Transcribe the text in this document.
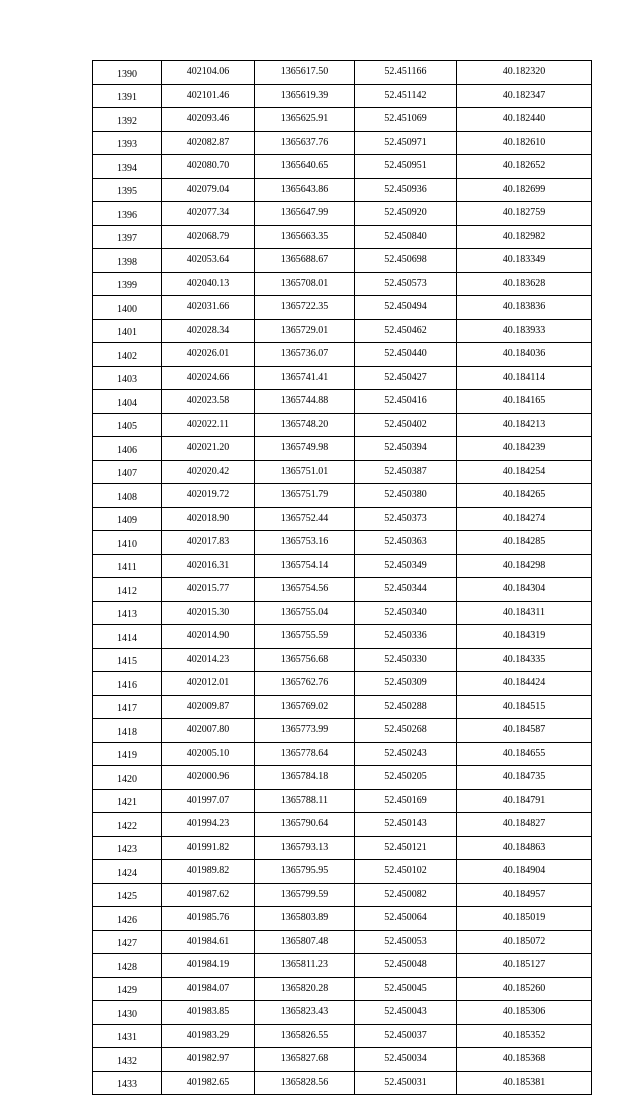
1390	402104.06	1365617.50	52.451166	40.182320
1391	402101.46	1365619.39	52.451142	40.182347
1392	402093.46	1365625.91	52.451069	40.182440
1393	402082.87	1365637.76	52.450971	40.182610
1394	402080.70	1365640.65	52.450951	40.182652
1395	402079.04	1365643.86	52.450936	40.182699
1396	402077.34	1365647.99	52.450920	40.182759
1397	402068.79	1365663.35	52.450840	40.182982
1398	402053.64	1365688.67	52.450698	40.183349
1399	402040.13	1365708.01	52.450573	40.183628
1400	402031.66	1365722.35	52.450494	40.183836
1401	402028.34	1365729.01	52.450462	40.183933
1402	402026.01	1365736.07	52.450440	40.184036
1403	402024.66	1365741.41	52.450427	40.184114
1404	402023.58	1365744.88	52.450416	40.184165
1405	402022.11	1365748.20	52.450402	40.184213
1406	402021.20	1365749.98	52.450394	40.184239
1407	402020.42	1365751.01	52.450387	40.184254
1408	402019.72	1365751.79	52.450380	40.184265
1409	402018.90	1365752.44	52.450373	40.184274
1410	402017.83	1365753.16	52.450363	40.184285
1411	402016.31	1365754.14	52.450349	40.184298
1412	402015.77	1365754.56	52.450344	40.184304
1413	402015.30	1365755.04	52.450340	40.184311
1414	402014.90	1365755.59	52.450336	40.184319
1415	402014.23	1365756.68	52.450330	40.184335
1416	402012.01	1365762.76	52.450309	40.184424
1417	402009.87	1365769.02	52.450288	40.184515
1418	402007.80	1365773.99	52.450268	40.184587
1419	402005.10	1365778.64	52.450243	40.184655
1420	402000.96	1365784.18	52.450205	40.184735
1421	401997.07	1365788.11	52.450169	40.184791
1422	401994.23	1365790.64	52.450143	40.184827
1423	401991.82	1365793.13	52.450121	40.184863
1424	401989.82	1365795.95	52.450102	40.184904
1425	401987.62	1365799.59	52.450082	40.184957
1426	401985.76	1365803.89	52.450064	40.185019
1427	401984.61	1365807.48	52.450053	40.185072
1428	401984.19	1365811.23	52.450048	40.185127
1429	401984.07	1365820.28	52.450045	40.185260
1430	401983.85	1365823.43	52.450043	40.185306
1431	401983.29	1365826.55	52.450037	40.185352
1432	401982.97	1365827.68	52.450034	40.185368
1433	401982.65	1365828.56	52.450031	40.185381
